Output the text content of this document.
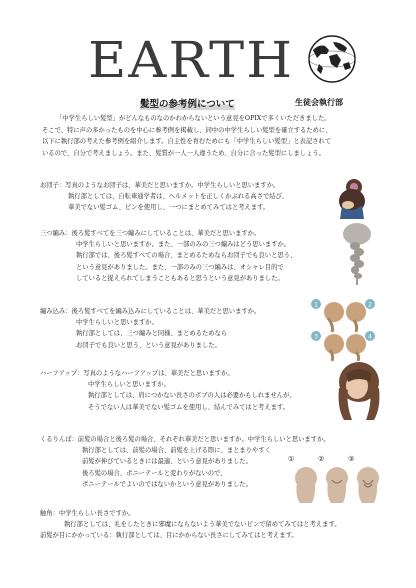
EARTH
髪型の参考例について	生徒会執行部

「中学生らしい髪型」がどんなものなのかわからないという意見をOPIXで多くいただきました。

そこで、特に声の多かったものを中心に参考例を掲載し、同中の中学生らしい髪型を確立するために、

以下に執行部の考えた参考例を紹介します。自主性を育むためにも「中学生らしい髪型」と表記されて

いるので、自分で考えましょう。また、髪質が一人一人違うため、自分に合った髪型にしましょう。

お団子：写真のようなお団子は、華美だと思いますか。中学生らしいと思いますか。

執行部としては、自転車通学者は、ヘルメットを正しくかぶれる高さで結び、

華美でない髪ゴム、ピンを使用し、一つにまとめてみてはと考えます。

三つ編み：後ろ髪すべてを三つ編みにしていることは、華美だと思いますか。

中学生らしいと思いますか。また、一部のみの三つ編みはどう思いますか。

執行部では、後ろ髪すべての場合、まとめるためならお団子でも良いと思う、

という意見がありました。また、一部のみの三つ編みは、オシャレ目的で

していると捉えられてしまうこともあると思うという意見がありました。

編み込み：後ろ髪すべてを編み込みにしていることは、華美だと思いますか。

中学生らしいと思いますか。

執行部としては、三つ編みと同様、まとめるためなら

お団子でも良いと思う、という意見がありました。

1	2
3	4

ハーフアップ：写真のようなハーフアップは、華美だと思いますか。

中学生らしいと思いますか。

執行部としては、肩につかない長さのボブの人は必要かもしれませんが、

そうでない人は華美でない髪ゴムを使用し、結んでみてはと考えます。

くるりんぱ：前髪の場合と後ろ髪の場合、それぞれ華美だと思いますか。中学生らしいと思いますか。

執行部としては、前髪の場合、前髪を上げる際に、まとまりやすく

前髪が伸びているときには最適、という意見がありました。

後ろ髪の場合、ポニーテールと変わりがないので、

ポニーテールでよいのではないかという意見がありました。

①	②	③

触角：中学生らしい長さですか。

執行部としては、礼をしたときに邪魔にならないよう華美でないピンで留めてみてはと考えます。

前髪が目にかかっている：執行部としては、目にかからない長さにしてみてはと考えます。
